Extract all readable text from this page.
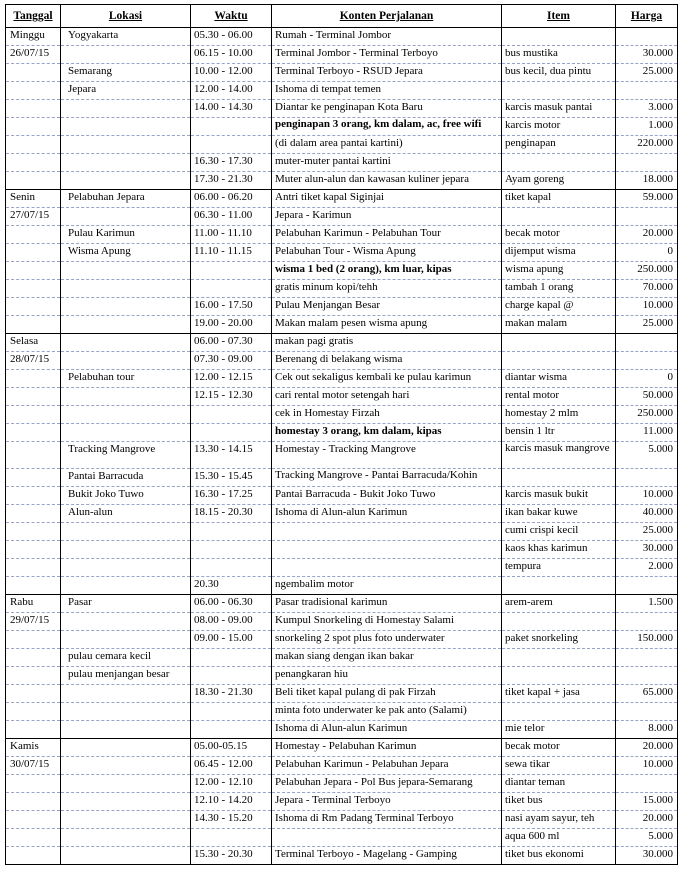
Tanggal	Lokasi	Waktu	Konten Perjalanan	Item	Harga
Minggu	Yogyakarta	05.30 - 06.00	Rumah - Terminal Jombor		
26/07/15		06.15 - 10.00	Terminal Jombor - Terminal Terboyo	bus mustika	30.000
	Semarang	10.00 - 12.00	Terminal Terboyo - RSUD Jepara	bus kecil, dua pintu	25.000
	Jepara	12.00 - 14.00	Ishoma di tempat temen		
		14.00 - 14.30	Diantar ke penginapan Kota Baru	karcis masuk pantai	3.000
			penginapan 3 orang, km dalam, ac, free wifi	karcis motor	1.000
			(di dalam area pantai kartini)	penginapan	220.000
		16.30 - 17.30	muter-muter pantai kartini		
		17.30 - 21.30	Muter alun-alun dan kawasan kuliner jepara	Ayam goreng	18.000
Senin	Pelabuhan Jepara	06.00 - 06.20	Antri tiket kapal Siginjai	tiket kapal	59.000
27/07/15		06.30 - 11.00	Jepara - Karimun		
	Pulau Karimun	11.00 - 11.10	Pelabuhan Karimun - Pelabuhan Tour	becak motor	20.000
	Wisma Apung	11.10 - 11.15	Pelabuhan Tour - Wisma Apung	dijemput wisma	0
			wisma 1 bed (2 orang), km luar, kipas	wisma apung	250.000
			gratis minum kopi/tehh	tambah 1 orang	70.000
		16.00 - 17.50	Pulau Menjangan Besar	charge kapal @	10.000
		19.00 - 20.00	Makan malam pesen wisma apung	makan malam	25.000
Selasa		06.00 - 07.30	makan pagi gratis		
28/07/15		07.30 - 09.00	Berenang di belakang wisma		
	Pelabuhan tour	12.00 - 12.15	Cek out sekaligus kembali ke pulau karimun	diantar wisma	0
		12.15 - 12.30	cari rental motor setengah hari	rental motor	50.000
			cek in Homestay Firzah	homestay 2 mlm	250.000
			homestay 3 orang, km dalam, kipas	bensin 1 ltr	11.000
	Tracking Mangrove	13.30 - 14.15	Homestay - Tracking Mangrove	karcis masuk mangrove	5.000
	Pantai Barracuda	15.30 - 15.45	Tracking Mangrove - Pantai Barracuda/Kohin		
	Bukit Joko Tuwo	16.30 - 17.25	Pantai Barracuda - Bukit Joko Tuwo	karcis masuk bukit	10.000
	Alun-alun	18.15 - 20.30	Ishoma di Alun-alun Karimun	ikan bakar kuwe	40.000
				cumi crispi kecil	25.000
				kaos khas karimun	30.000
				tempura	2.000
		20.30	ngembalim motor		
Rabu	Pasar	06.00 - 06.30	Pasar tradisional karimun	arem-arem	1.500
29/07/15		08.00 - 09.00	Kumpul Snorkeling di Homestay Salami		
		09.00 - 15.00	snorkeling 2 spot plus foto underwater	paket snorkeling	150.000
	pulau cemara kecil		makan siang dengan ikan bakar		
	pulau menjangan besar		penangkaran hiu		
		18.30 - 21.30	Beli tiket kapal pulang di pak Firzah	tiket kapal + jasa	65.000
			minta foto underwater ke pak anto (Salami)		
			Ishoma di Alun-alun Karimun	mie telor	8.000
Kamis		05.00-05.15	Homestay - Pelabuhan Karimun	becak motor	20.000
30/07/15		06.45 - 12.00	Pelabuhan Karimun - Pelabuhan Jepara	sewa tikar	10.000
		12.00 - 12.10	Pelabuhan Jepara - Pol Bus jepara-Semarang	diantar teman	
		12.10 - 14.20	Jepara - Terminal Terboyo	tiket bus	15.000
		14.30 - 15.20	Ishoma di Rm Padang Terminal Terboyo	nasi ayam sayur, teh	20.000
				aqua 600 ml	5.000
		15.30 - 20.30	Terminal Terboyo - Magelang - Gamping	tiket bus ekonomi	30.000
